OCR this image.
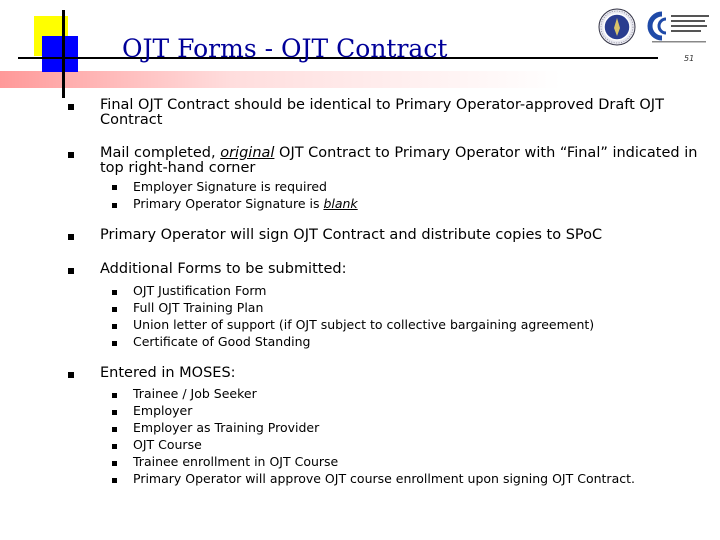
OJT Forms - OJT Contract	51
Final OJT Contract should be identical to Primary Operator-approved Draft OJT Contract
Mail completed, original OJT Contract to Primary Operator with “Final” indicated in top right-hand corner
Employer Signature is required
Primary Operator Signature is blank
Primary Operator will sign OJT Contract and distribute copies to SPoC
Additional Forms to be submitted:
OJT Justification Form
Full OJT Training Plan
Union letter of support (if OJT subject to collective bargaining agreement)
Certificate of Good Standing
Entered in MOSES:
Trainee / Job Seeker
Employer
Employer as Training Provider
OJT Course
Trainee enrollment in OJT Course
Primary Operator will approve OJT course enrollment upon signing OJT Contract.
